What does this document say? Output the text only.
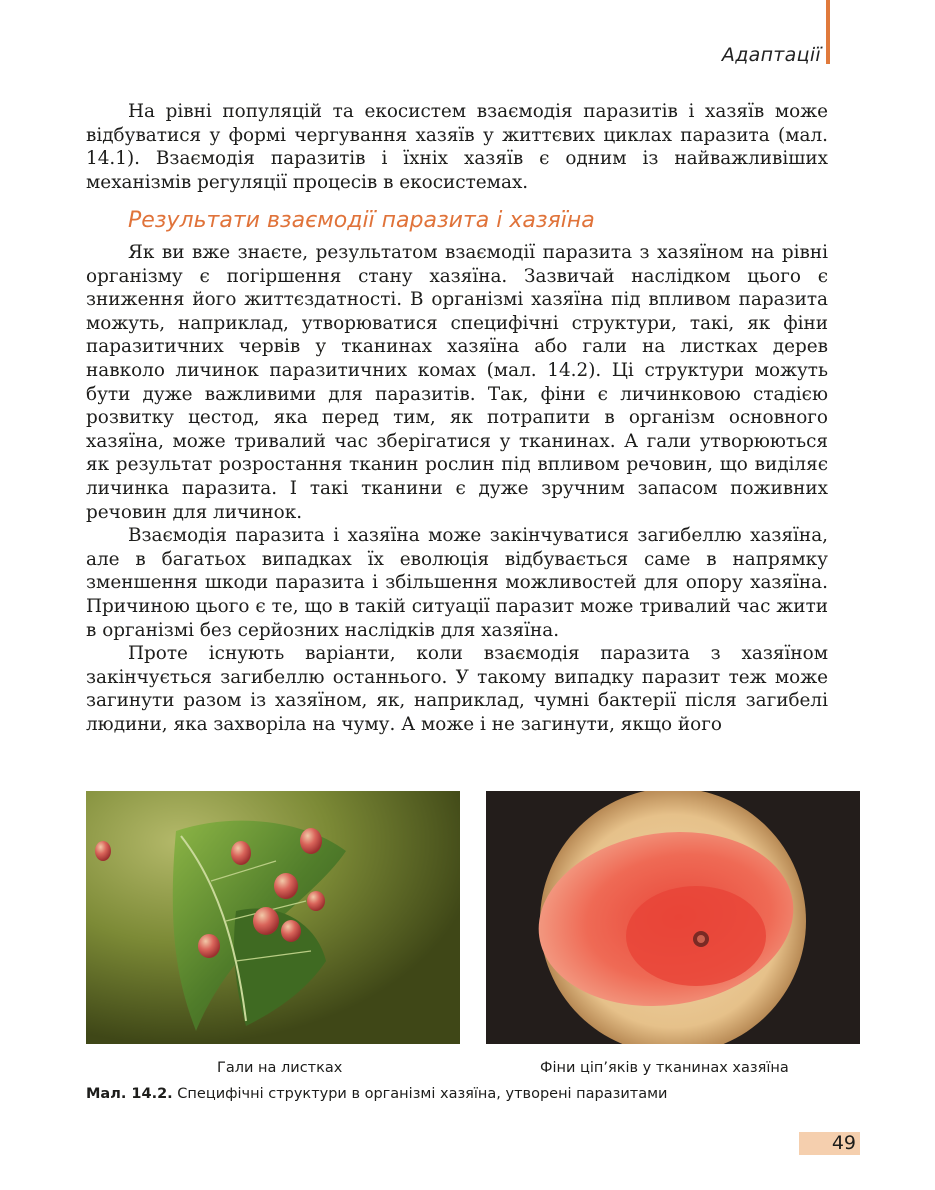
Адаптації

На рівні популяцій та екосистем взаємодія паразитів і хазяїв може відбуватися у формі чергування хазяїв у життєвих циклах паразита (мал. 14.1). Взаємодія паразитів і їхніх хазяїв є одним із найважливіших механізмів регуляції процесів в екосистемах.

Результати взаємодії паразита і хазяїна

Як ви вже знаєте, результатом взаємодії паразита з хазяїном на рівні організму є погіршення стану хазяїна. Зазвичай наслідком цього є зниження його життєздатності. В організмі хазяїна під впливом паразита можуть, наприклад, утворюватися специфічні структури, такі, як фіни паразитичних червів у тканинах хазяїна або гали на листках дерев навколо личинок паразитичних комах (мал. 14.2). Ці структури можуть бути дуже важливими для паразитів. Так, фіни є личинковою стадією розвитку цестод, яка перед тим, як потрапити в організм основного хазяїна, може тривалий час зберігатися у тканинах. А гали утворюються як результат розростання тканин рослин під впливом речовин, що виділяє личинка паразита. І такі тканини є дуже зручним запасом поживних речовин для личинок.

Взаємодія паразита і хазяїна може закінчуватися загибеллю хазяїна, але в багатьох випадках їх еволюція відбувається саме в напрямку зменшення шкоди паразита і збільшення можливостей для опору хазяїна. Причиною цього є те, що в такій ситуації паразит може тривалий час жити в організмі без серйозних наслідків для хазяїна.

Проте існують варіанти, коли взаємодія паразита з хазяїном закінчується загибеллю останнього. У такому випадку паразит теж може загинути разом із хазяїном, як, наприклад, чумні бактерії після загибелі людини, яка захворіла на чуму. А може і не загинути, якщо його

Гали на листках	Фіни ціп’яків у тканинах хазяїна
Мал. 14.2. Специфічні структури в організмі хазяїна, утворені паразитами
49
